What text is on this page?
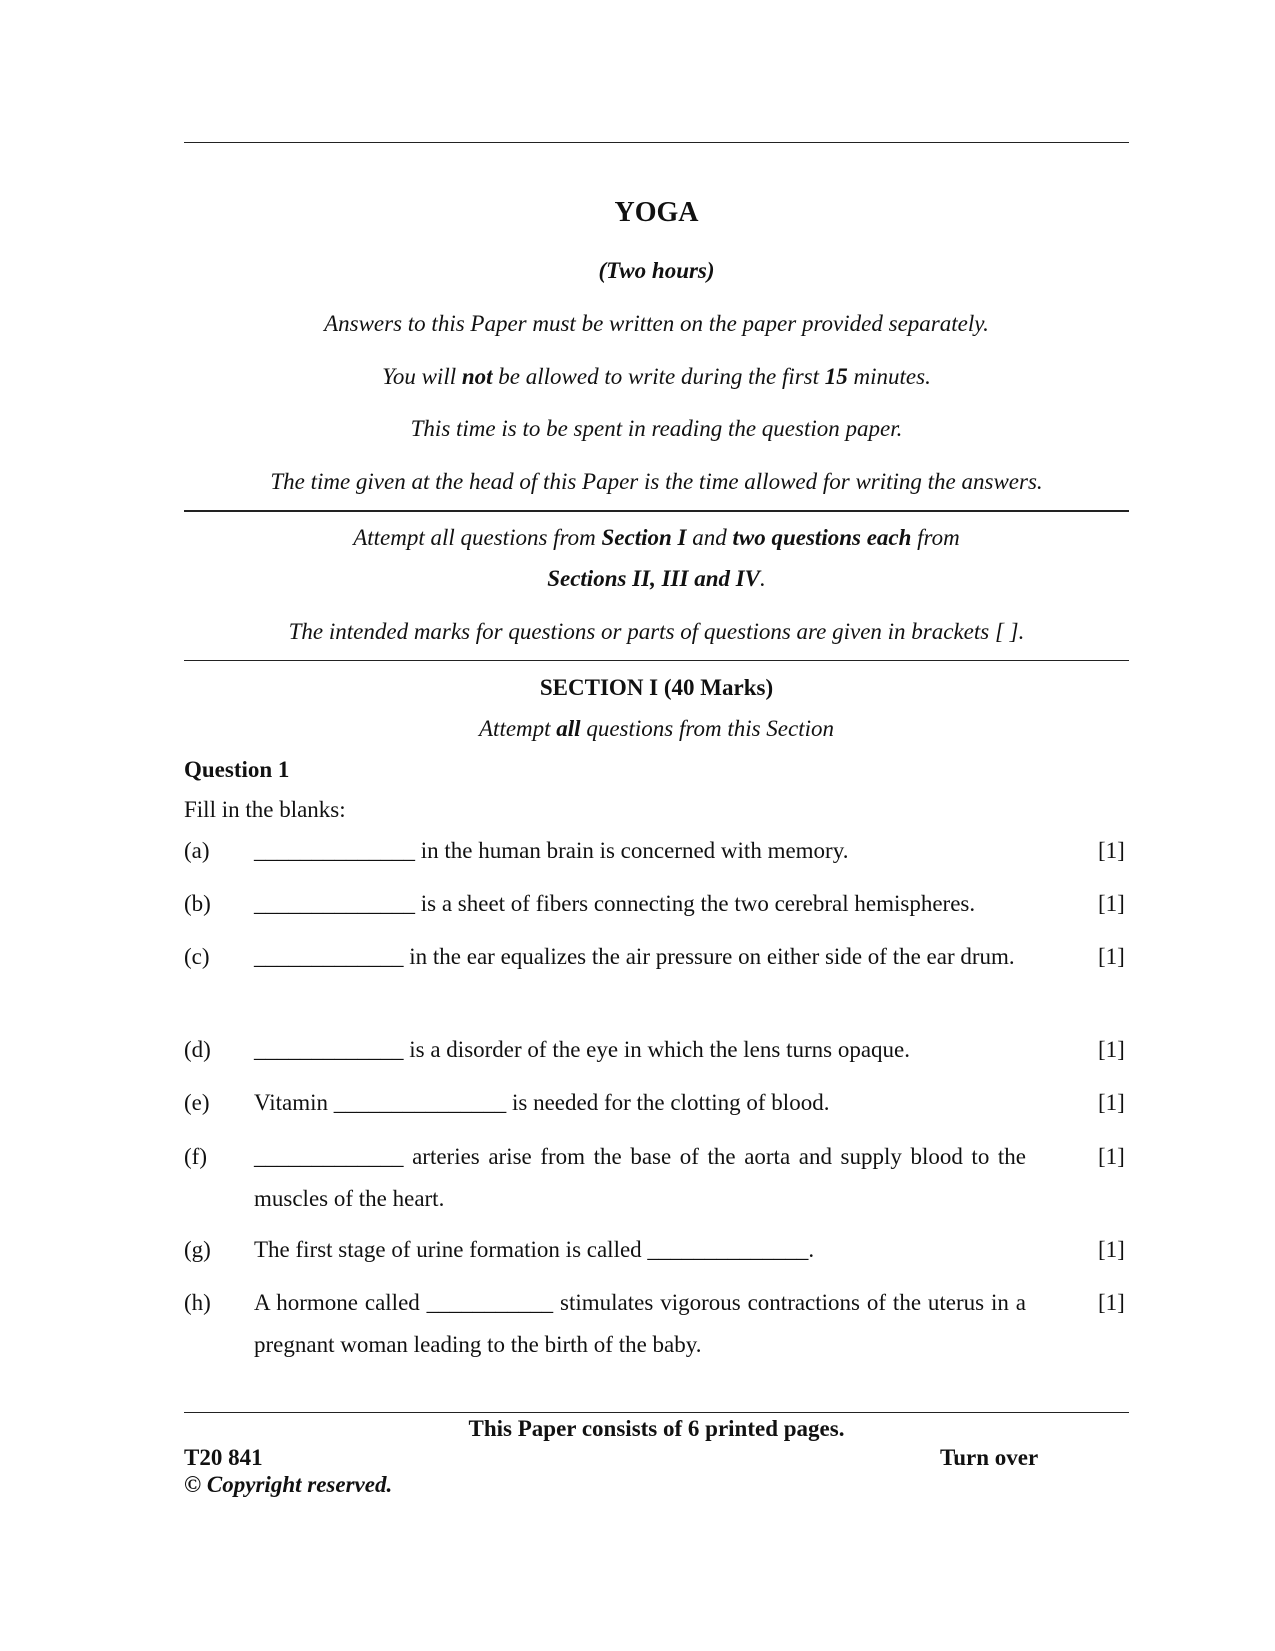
YOGA
(Two hours)
Answers to this Paper must be written on the paper provided separately.
You will not be allowed to write during the first 15 minutes.
This time is to be spent in reading the question paper.
The time given at the head of this Paper is the time allowed for writing the answers.
Attempt all questions from Section I and two questions each from
Sections II, III and IV.
The intended marks for questions or parts of questions are given in brackets [ ].
SECTION I (40 Marks)
Attempt all questions from this Section
Question 1
Fill in the blanks:
(a) ______________ in the human brain is concerned with memory.	[1]
(b) ______________ is a sheet of fibers connecting the two cerebral hemispheres.	[1]
(c) _____________ in the ear equalizes the air pressure on either side of the ear drum.	[1]
(d) _____________ is a disorder of the eye in which the lens turns opaque.	[1]
(e) Vitamin _______________ is needed for the clotting of blood.	[1]
(f) _____________ arteries arise from the base of the aorta and supply blood to the muscles of the heart.
[1]
(g) The first stage of urine formation is called ______________.	[1]
(h) A hormone called ___________ stimulates vigorous contractions of the uterus in a pregnant woman leading to the birth of the baby.
[1]
This Paper consists of 6 printed pages.
T20 841	Turn over
© Copyright reserved.
